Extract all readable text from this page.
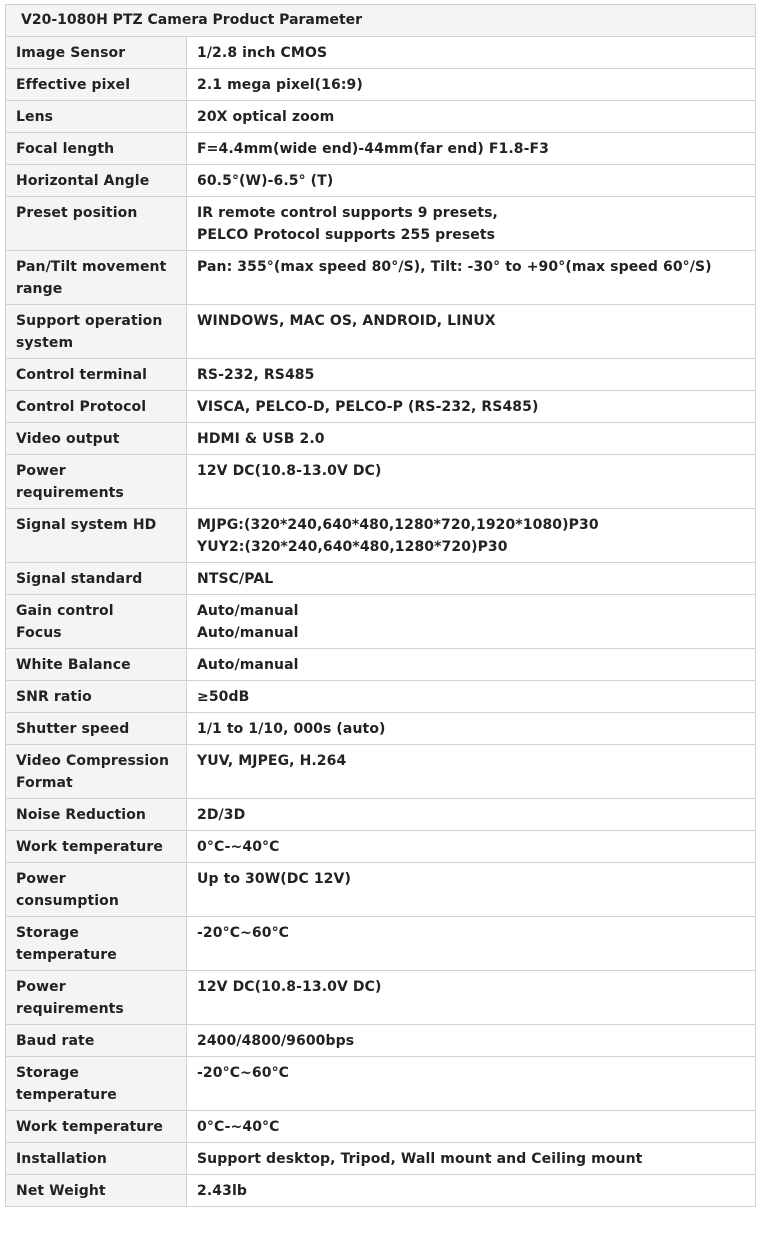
V20-1080H PTZ Camera Product Parameter
Image Sensor	1/2.8 inch CMOS

Effective pixel	2.1 mega pixel(16:9)

Lens	20X optical zoom

Focal length	F=4.4mm(wide end)-44mm(far end) F1.8-F3

Horizontal Angle	60.5°(W)-6.5° (T)

Preset position	IR remote control supports 9 presets,
PELCO Protocol supports 255 presets

Pan/Tilt movement
range	Pan: 355°(max speed 80°/S), Tilt: -30° to +90°(max speed 60°/S)

Support operation
system	WINDOWS, MAC OS, ANDROID, LINUX

Control terminal	RS-232, RS485

Control Protocol	VISCA, PELCO-D, PELCO-P (RS-232, RS485)

Video output	HDMI & USB 2.0

Power
requirements	12V DC(10.8-13.0V DC)

Signal system HD	MJPG:(320*240,640*480,1280*720,1920*1080)P30
YUY2:(320*240,640*480,1280*720)P30

Signal standard	NTSC/PAL

Gain control
Focus	Auto/manual
Auto/manual

White Balance	Auto/manual

SNR ratio	≥50dB

Shutter speed	1/1 to 1/10, 000s (auto)

Video Compression
Format	YUV, MJPEG, H.264

Noise Reduction	2D/3D

Work temperature	0°C-~40°C

Power
consumption	Up to 30W(DC 12V)

Storage
temperature	-20°C~60°C

Power
requirements	12V DC(10.8-13.0V DC)

Baud rate	2400/4800/9600bps

Storage
temperature	-20°C~60°C

Work temperature	0°C-~40°C

Installation	Support desktop, Tripod, Wall mount and Ceiling mount

Net Weight	2.43lb
